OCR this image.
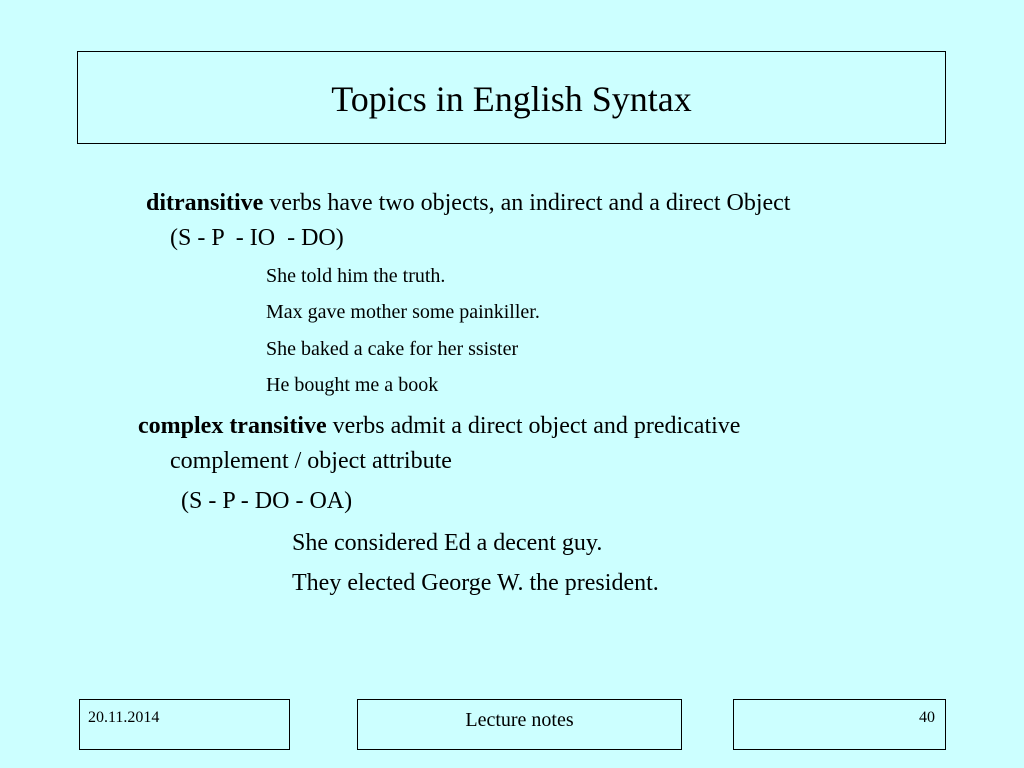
Topics in English Syntax

ditransitive verbs have two objects, an indirect and a direct Object

(S - P  - IO  - DO)

She told him the truth.

Max gave mother some painkiller.

She baked a cake for her ssister

He bought me a book

complex transitive verbs admit a direct object and predicative

complement / object attribute

(S - P - DO - OA)

She considered Ed a decent guy.

They elected George W. the president.

20.11.2014	Lecture notes	40
